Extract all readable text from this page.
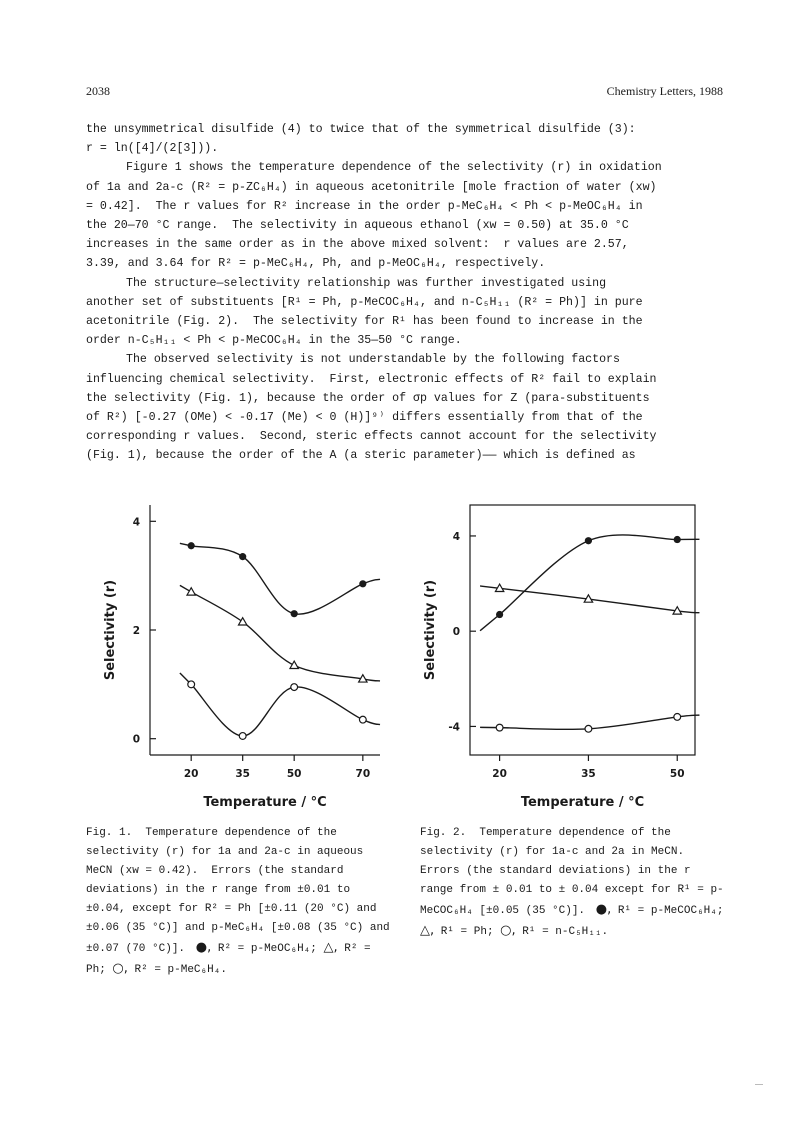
2038	Chemistry Letters, 1988

the unsymmetrical disulfide (4) to twice that of the symmetrical disulfide (3):

r = ln([4]/(2[3])).

Figure 1 shows the temperature dependence of the selectivity (r) in oxidation

of 1a and 2a-c (R² = p-ZC₆H₄) in aqueous acetonitrile [mole fraction of water (xw)

= 0.42].  The r values for R² increase in the order p-MeC₆H₄ < Ph < p-MeOC₆H₄ in

the 20—70 °C range.  The selectivity in aqueous ethanol (xw = 0.50) at 35.0 °C

increases in the same order as in the above mixed solvent:  r values are 2.57,

3.39, and 3.64 for R² = p-MeC₆H₄, Ph, and p-MeOC₆H₄, respectively.

The structure—selectivity relationship was further investigated using

another set of substituents [R¹ = Ph, p-MeCOC₆H₄, and n-C₅H₁₁ (R² = Ph)] in pure

acetonitrile (Fig. 2).  The selectivity for R¹ has been found to increase in the

order n-C₅H₁₁ < Ph < p-MeCOC₆H₄ in the 35—50 °C range.

The observed selectivity is not understandable by the following factors

influencing chemical selectivity.  First, electronic effects of R² fail to explain

the selectivity (Fig. 1), because the order of σp values for Z (para-substituents

of R²) [-0.27 (OMe) < -0.17 (Me) < 0 (H)]⁹⁾ differs essentially from that of the

corresponding r values.  Second, steric effects cannot account for the selectivity

(Fig. 1), because the order of the A (a steric parameter)—— which is defined as

20	35	50	70
0
2
4
Temperature / °C
Selectivity (r)
20	35	50
-4
0
4
Temperature / °C
Selectivity (r)
Fig. 1.  Temperature dependence of the selectivity (r) for 1a and 2a-c in aqueous MeCN (xw = 0.42).  Errors (the standard deviations) in the r range from ±0.01 to ±0.04, except for R² = Ph [±0.11 (20 °C) and ±0.06 (35 °C)] and p-MeC₆H₄ [±0.08 (35 °C) and ±0.07 (70 °C)].  ●, R² = p-MeOC₆H₄; △, R² = Ph; ○, R² = p-MeC₆H₄.
Fig. 2.  Temperature dependence of the selectivity (r) for 1a-c and 2a in MeCN.  Errors (the standard deviations) in the r range from ± 0.01 to ± 0.04 except for R¹ = p-MeCOC₆H₄ [±0.05 (35 °C)].  ●, R¹ = p-MeCOC₆H₄; △, R¹ = Ph; ○, R¹ = n-C₅H₁₁.
